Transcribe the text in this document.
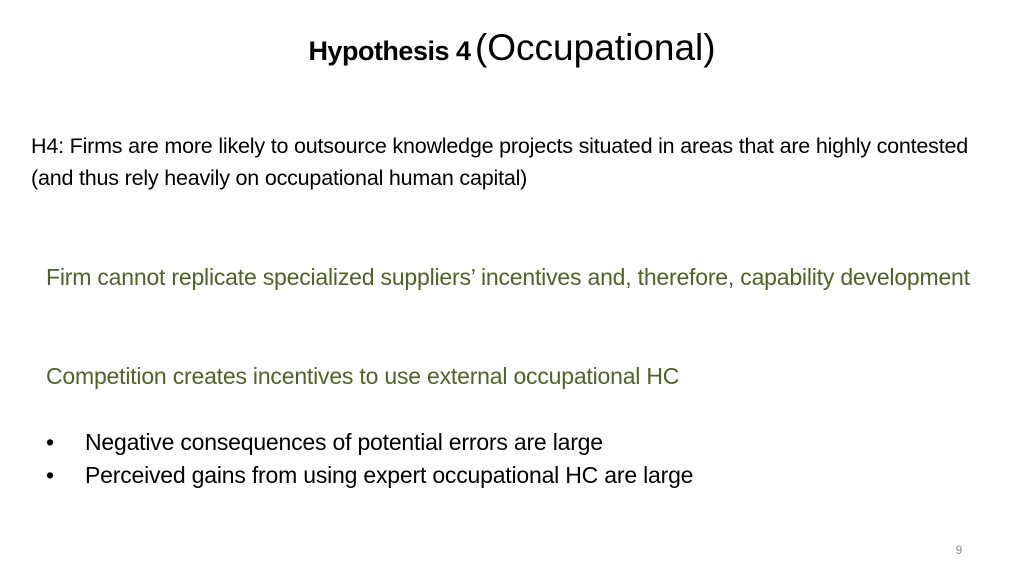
Hypothesis 4 (Occupational)
H4: Firms are more likely to outsource knowledge projects situated in areas that are highly contested (and thus rely heavily on occupational human capital)
Firm cannot replicate specialized suppliers’ incentives and, therefore, capability development
Competition creates incentives to use external occupational HC
•	Negative consequences of potential errors are large
•	Perceived gains from using expert occupational HC are large
9
